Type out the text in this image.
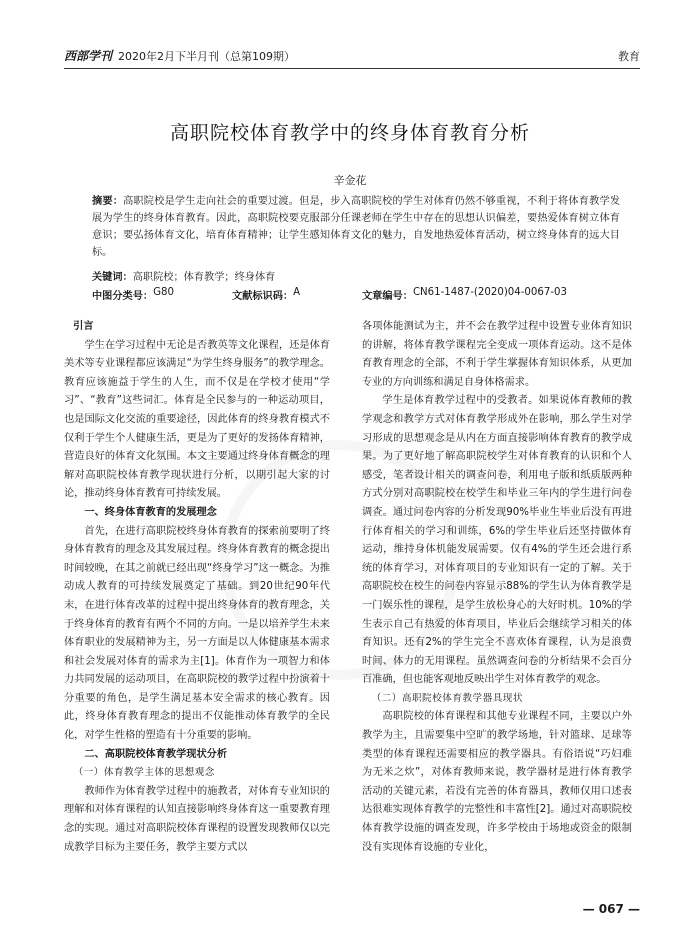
西部学刊 2020年2月下半月刊（总第109期）	教育
高职院校体育教学中的终身体育教育分析
辛金花
摘要：高职院校是学生走向社会的重要过渡。但是，步入高职院校的学生对体育仍然不够重视，不利于将体育教学发展为学生的终身体育教育。因此，高职院校要克服部分任课老师在学生中存在的思想认识偏差，要热爱体育树立体育意识；要弘扬体育文化，培育体育精神；让学生感知体育文化的魅力，自发地热爱体育活动，树立终身体育的远大目标。
关键词：高职院校；体育教学；终身体育
中图分类号： G80	文献标识码： A	文章编号： CN61-1487-(2020)04-0067-03

引言

学生在学习过程中无论是否教英等文化课程，还是体育美术等专业课程都应该满足“为学生终身服务”的教学理念。教育应该施益于学生的人生，而不仅是在学校才使用“学习”、“教育”这些词汇。体育是全民参与的一种运动项目，也是国际文化交流的重要途径，因此体育的终身教育模式不仅利于学生个人健康生活，更是为了更好的发扬体育精神，营造良好的体育文化氛围。本文主要通过终身体育概念的理解对高职院校体育教学现状进行分析，以期引起大家的讨论，推动终身体育教育可持续发展。

一、终身体育教育的发展理念

首先，在进行高职院校终身体育教育的探索前要明了终身体育教育的理念及其发展过程。终身体育教育的概念提出时间较晚，在其之前就已经出现“终身学习”这一概念。为推动成人教育的可持续发展奠定了基础。到20世纪90年代末，在进行体育改革的过程中提出终身体育的教育理念，关于终身体育的教育有两个不同的方向。一是以培养学生未来体育职业的发展精神为主，另一方面是以人体健康基本需求和社会发展对体育的需求为主[1]。体育作为一项智力和体力共同发展的运动项目，在高职院校的教学过程中扮演着十分重要的角色，是学生满足基本安全需求的核心教育。因此，终身体育教育理念的提出不仅能推动体育教学的全民化，对学生性格的塑造有十分重要的影响。

二、高职院校体育教学现状分析

（一）体育教学主体的思想观念

教师作为体育教学过程中的施教者，对体育专业知识的理解和对体育课程的认知直接影响终身体育这一重要教育理念的实现。通过对高职院校体育课程的设置发现教师仅以完成教学目标为主要任务，教学主要方式以

各项体能测试为主，并不会在教学过程中设置专业体育知识的讲解，将体育教学课程完全变成一项体育运动。这不是体育教育理念的全部，不利于学生掌握体育知识体系，从更加专业的方向训练和满足自身体格需求。

学生是体育教学过程中的受教者。如果说体育教师的教学观念和教学方式对体育教学形成外在影响，那么学生对学习形成的思想观念是从内在方面直接影响体育教育的教学成果。为了更好地了解高职院校学生对体育教育的认识和个人感受，笔者设计相关的调查问卷，利用电子版和纸质版两种方式分别对高职院校在校学生和毕业三年内的学生进行问卷调查。通过问卷内容的分析发现90%毕业生毕业后没有再进行体育相关的学习和训练，6%的学生毕业后还坚持做体育运动，维持身体机能发展需要。仅有4%的学生还会进行系统的体育学习，对体育项目的专业知识有一定的了解。关于高职院校在校生的问卷内容显示88%的学生认为体育教学是一门娱乐性的课程，是学生放松身心的大好时机。10%的学生表示自己有热爱的体育项目，毕业后会继续学习相关的体育知识。还有2%的学生完全不喜欢体育课程，认为是浪费时间、体力的无用课程。虽然调查问卷的分析结果不会百分百准确，但也能客观地反映出学生对体育教学的观念。

（二）高职院校体育教学器具现状

高职院校的体育课程和其他专业课程不同，主要以户外教学为主，且需要集中空旷的教学场地，针对篮球、足球等类型的体育课程还需要相应的教学器具。有俗语说“巧妇难为无米之炊”，对体育教师来说，教学器材是进行体育教学活动的关键元素，若没有完善的体育器具，教师仅用口述表达很难实现体育教学的完整性和丰富性[2]。通过对高职院校体育教学设施的调查发现，许多学校由于场地或资金的限制没有实现体育设施的专业化，

— 067 —
